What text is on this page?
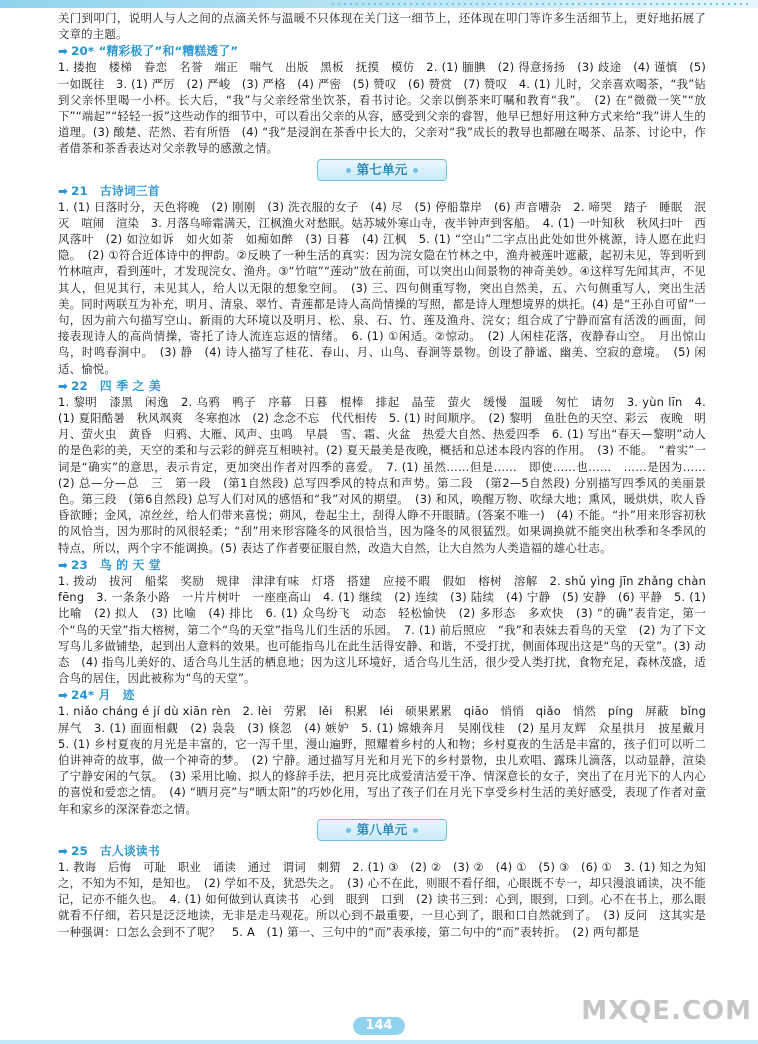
关门到叩门，说明人与人之间的点滴关怀与温暖不只体现在关门这一细节上，还体现在叩门等许多生活细节上，更好地拓展了文章的主题。

➡ 20* “精彩极了”和“糟糕透了”

1. 搂抱　楼梯　眷恋　名誉　端正　喘气　出版　黑板　抚摸　模仿　2. (1) 腼腆　(2) 得意扬扬　(3) 歧途　(4) 谨慎　(5) 一如既往　3. (1) 严厉　(2) 严峻　(3) 严格　(4) 严密　(5) 赞叹　(6) 赞赏　(7) 赞叹　4. (1) 儿时，父亲喜欢喝茶，“我”钻到父亲怀里喝一小杯。长大后，“我”与父亲经常坐饮茶，看书讨论。父亲以倒茶来叮嘱和教育“我”。　(2) 在“微微一笑”“放下”“端起”“轻轻一扳”这些动作的细节中，可以看出父亲的从容，感受到父亲的睿智，他早已想好用这种方式来给“我”讲人生的道理。(3) 酸楚、茫然、若有所悟　(4) “我”是浸润在茶香中长大的，父亲对“我”成长的教导也都融在喝茶、品茶、讨论中，作者借茶和茶香表达对父亲教导的感激之情。

第七单元
➡ 21　古诗词三首

1. (1) 日落时分，天色将晚　(2) 刚刚　(3) 洗衣服的女子　(4) 尽　(5) 停船靠岸　(6) 声音嘈杂　2. 啼哭　踏子　睡眠　泯灭　喧闹　渲染　3. 月落乌啼霜满天，江枫渔火对愁眠。姑苏城外寒山寺，夜半钟声到客船。　4. (1) 一叶知秋　秋风扫叶　西风落叶　(2) 如泣如诉　如火如荼　如痴如醉　(3) 日暮　(4) 江枫　5. (1) “空山”二字点出此处如世外桃源，诗人愿在此归隐。　(2) ①符合近体诗中的押韵。②反映了一种生活的真实：因为浣女隐在竹林之中，渔舟被莲叶遮蔽，起初未见，等到听到竹林喧声，看到莲叶，才发现浣女、渔舟。③“竹喧”“莲动”放在前面，可以突出山间景物的神奇美妙。④这样写先闻其声，不见其人，但见其行，未见其人，给人以无限的想象空间。　(3) 三、四句侧重写物，突出自然美，五、六句侧重写人，突出生活美。同时两联互为补充，明月、清泉、翠竹、青莲都是诗人高尚情操的写照，都是诗人理想境界的烘托。(4) 是“王孙自可留”一句，因为前六句描写空山、新雨的大环境以及明月、松、泉、石、竹、莲及渔舟、浣女；组合成了宁静而富有活泼的画面，间接表现诗人的高尚情操，寄托了诗人流连忘返的情绪。　6. (1) ①闲适。②惊动。　(2) 人闲桂花落，夜静春山空。　月出惊山鸟，时鸣春涧中。　(3) 静　(4) 诗人描写了桂花、春山、月、山鸟、春涧等景物。创设了静谧、幽美、空寂的意境。　(5) 闲适、愉悦。

➡ 22　四 季 之 美

1. 黎明　漆黑　闲逸　2. 乌鸦　鸭子　序幕　日暮　棍棒　排起　晶莹　萤火　缓慢　温暖　匆忙　请勿　3. yùn līn　4. (1) 夏阳酷暑　秋风飒爽　冬寒抱冰　(2) 念念不忘　代代相传　5. (1) 时间顺序。　(2) 黎明　鱼肚色的天空、彩云　夜晚　明月、萤火虫　黄昏　归鸦、大雁、风声、虫鸣　早晨　雪、霜、火盆　热爱大自然、热爱四季　6. (1) 写出“春天—黎明”动人的是色彩的美，天空的柔和与云彩的鲜亮互相映衬。(2) 夏天最美是夜晚，概括和总述本段内容的作用。　(3) 不能。　“着实”一词是“确实”的意思，表示肯定，更加突出作者对四季的喜爱。　7. (1) 虽然……但是……　即使……也……　……是因为……　(2) 总—分—总　三　第一段　(第1自然段) 总写四季风的特点和声势。第二段　(第2—5自然段) 分别描写四季风的美丽景色。第三段　(第6自然段) 总写人们对风的感悟和“我”对风的期望。　(3) 和风，唤醒万物、吹绿大地；熏风，暖烘烘，吹人昏昏欲睡；金风，凉丝丝，给人们带来喜悦；朔风，卷起尘土，刮得人睁不开眼睛。(答案不唯一)　(4) 不能。“扑”用来形容初秋的风恰当，因为那时的风很轻柔；“刮”用来形容隆冬的风很恰当，因为隆冬的风很猛烈。如果调换就不能突出秋季和冬季风的特点，所以，两个字不能调换。(5) 表达了作者要征服自然，改造大自然，让大自然为人类造福的雄心壮志。

➡ 23　鸟 的 天 堂

1. 拨动　拔河　船桨　奖励　规律　津津有味　灯塔　搭建　应接不暇　假如　榕树　溶解　2. shǔ yìng jīn zhǎng chàn fēng　3. 一条条小路　一片片树叶　一座座高山　4. (1) 继续　(2) 连续　(3) 陆续　(4) 宁静　(5) 安静　(6) 平静　5. (1) 比喻　(2) 拟人　(3) 比喻　(4) 排比　6. (1) 众鸟纷飞　动态　轻松愉快　(2) 多形态　多欢快　(3) “的确”表肯定，第一个“鸟的天堂”指大榕树，第二个“鸟的天堂”指鸟儿们生活的乐园。　7. (1) 前后照应　“我”和表妹去看鸟的天堂　(2) 为了下文写鸟儿多做铺垫，起到出人意料的效果。也可能指鸟儿在此生活得安静、和谐，不受打扰，侧面体现出这是“鸟的天堂”。(3) 动态　(4) 指鸟儿美好的、适合鸟儿生活的栖息地；因为这儿环境好，适合鸟儿生活，很少受人类打扰，食物充足，森林茂盛，适合鸟的居住，因此被称为“鸟的天堂”。

➡ 24* 月　迹

1. niǎo cháng é jí dù xiān rèn　2. lèi　劳累　lěi　积累　léi　硕果累累　qiāo　悄悄　qiǎo　悄然　píng　屏蔽　bǐng　屏气　3. (1) 面面相觑　(2) 袅袅　(3) 倏忽　(4) 嫉妒　5. (1) 嫦娥奔月　吴刚伐桂　(2) 星月友辉　众星拱月　披星戴月　5. (1) 乡村夏夜的月光是丰富的，它一泻千里，漫山遍野，照耀着乡村的人和物；乡村夏夜的生活是丰富的，孩子们可以听二伯讲神奇的故事，做一个神奇的梦。　(2) 宁静。通过描写月光和月光下的乡村景物，虫儿欢唱、露珠儿滴落，以动显静，渲染了宁静安闲的气氛。　(3) 采用比喻、拟人的修辞手法，把月亮比成爱清洁爱干净、情深意长的女子，突出了在月光下的人内心的喜悦和爱恋之情。　(4) “晒月亮”与“晒太阳”的巧妙化用，写出了孩子们在月光下享受乡村生活的美好感受，表现了作者对童年和家乡的深深眷恋之情。

第八单元
➡ 25　古人谈读书

1. 教诲　后悔　可耻　职业　诵读　通过　谓词　刺猬　2. (1) ③　(2) ②　(3) ②　(4) ①　(5) ③　(6) ①　3. (1) 知之为知之，不知为不知，是知也。　(2) 学如不及，犹恐失之。　(3) 心不在此，则眼不看仔细，心眼既不专一，却只漫浪诵读，决不能记，记亦不能久也。　4. (1) 如何做到认真读书　心到　眼到　口到　(2) 读书三到：心到，眼到，口到。心不在书上，那么眼就看不仔细，若只是泛泛地读，无非是走马观花。所以心到不最重要，一旦心到了，眼和口自然就到了。　(3) 反问　这其实是一种强调：口怎么会到不了呢？　5. A　(1) 第一、三句中的“而”表承接，第二句中的“而”表转折。　(2) 两句都是

MXQE.COM
144
